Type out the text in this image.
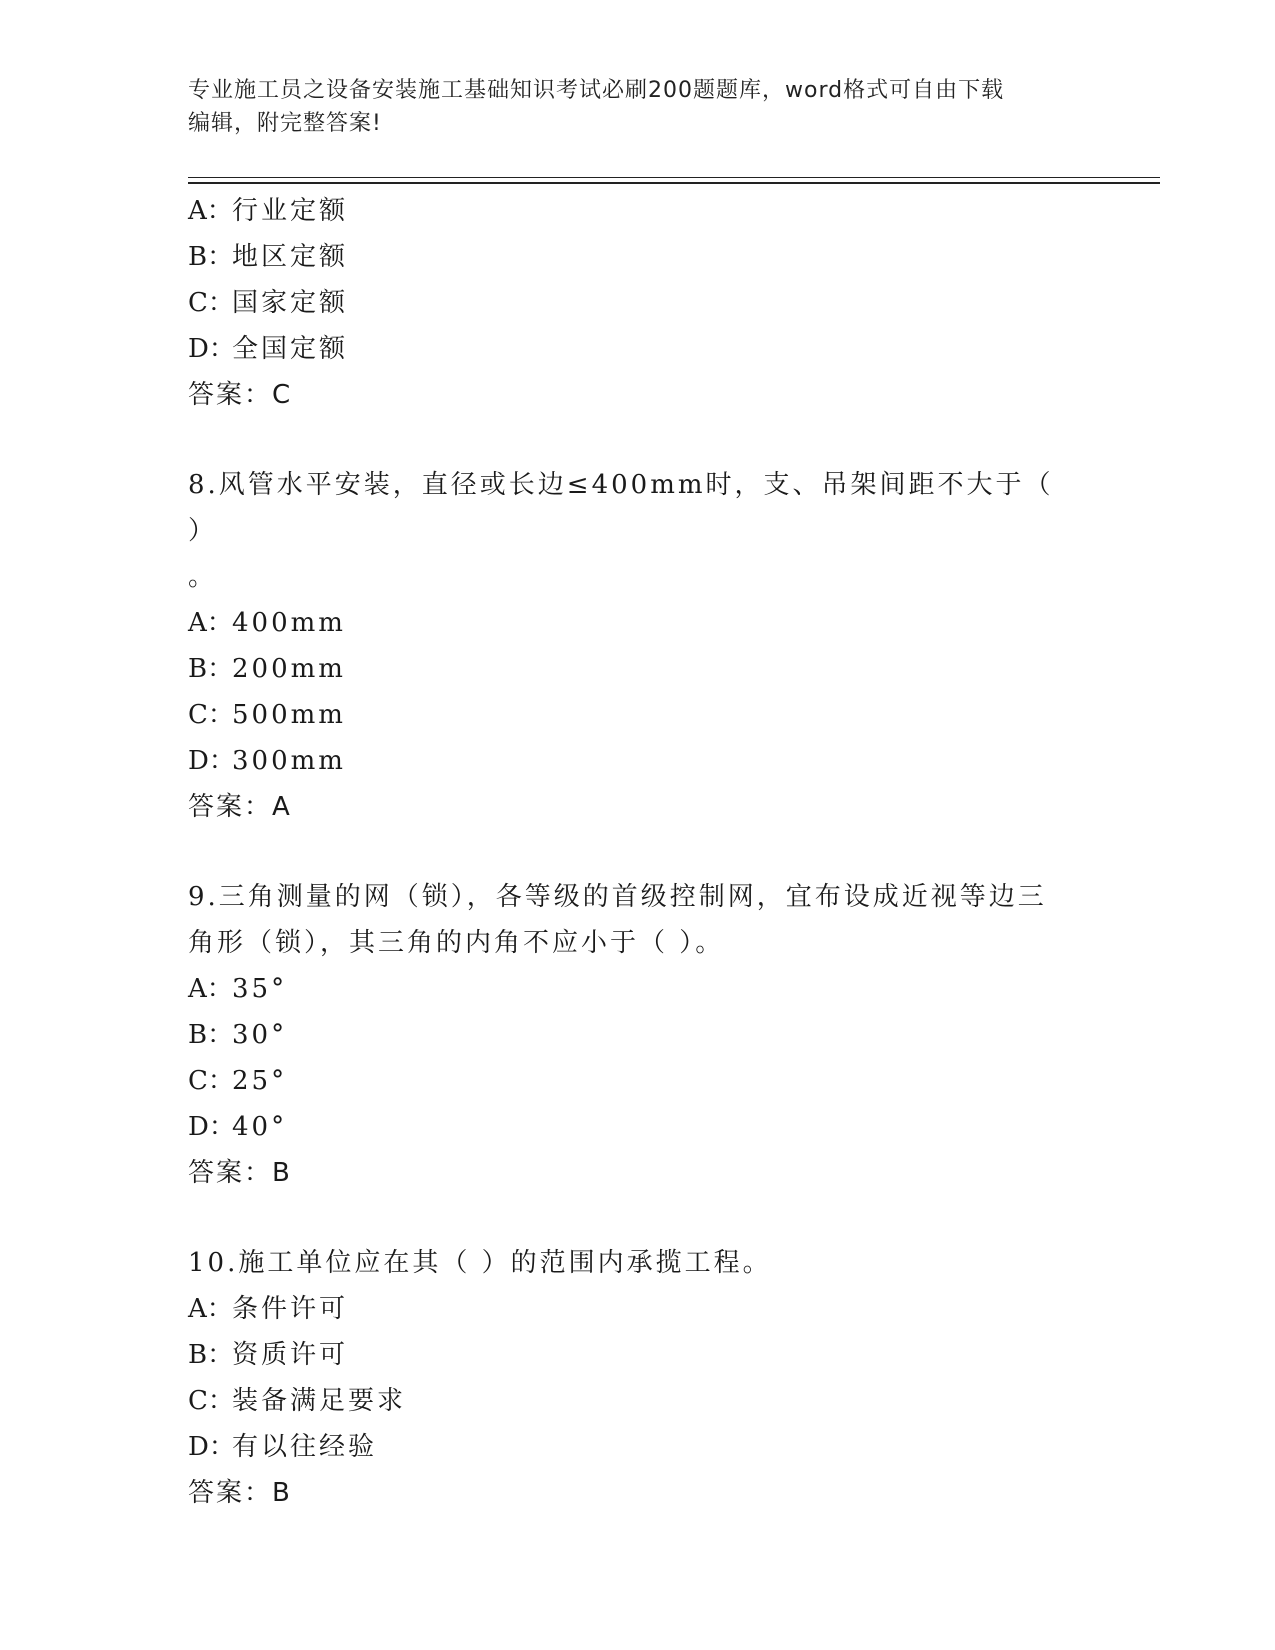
专业施工员之设备安装施工基础知识考试必刷200题题库，word格式可自由下载
编辑，附完整答案!
A：行业定额
B：地区定额
C：国家定额
D：全国定额
答案：C
8.风管水平安装，直径或长边≤400mm时，支、吊架间距不大于（ ）
。
A：400mm
B：200mm
C：500mm
D：300mm
答案：A
9.三角测量的网（锁），各等级的首级控制网，宜布设成近视等边三
角形（锁），其三角的内角不应小于（ ）。
A：35°
B：30°
C：25°
D：40°
答案：B
10.施工单位应在其（ ）的范围内承揽工程。
A：条件许可
B：资质许可
C：装备满足要求
D：有以往经验
答案：B
